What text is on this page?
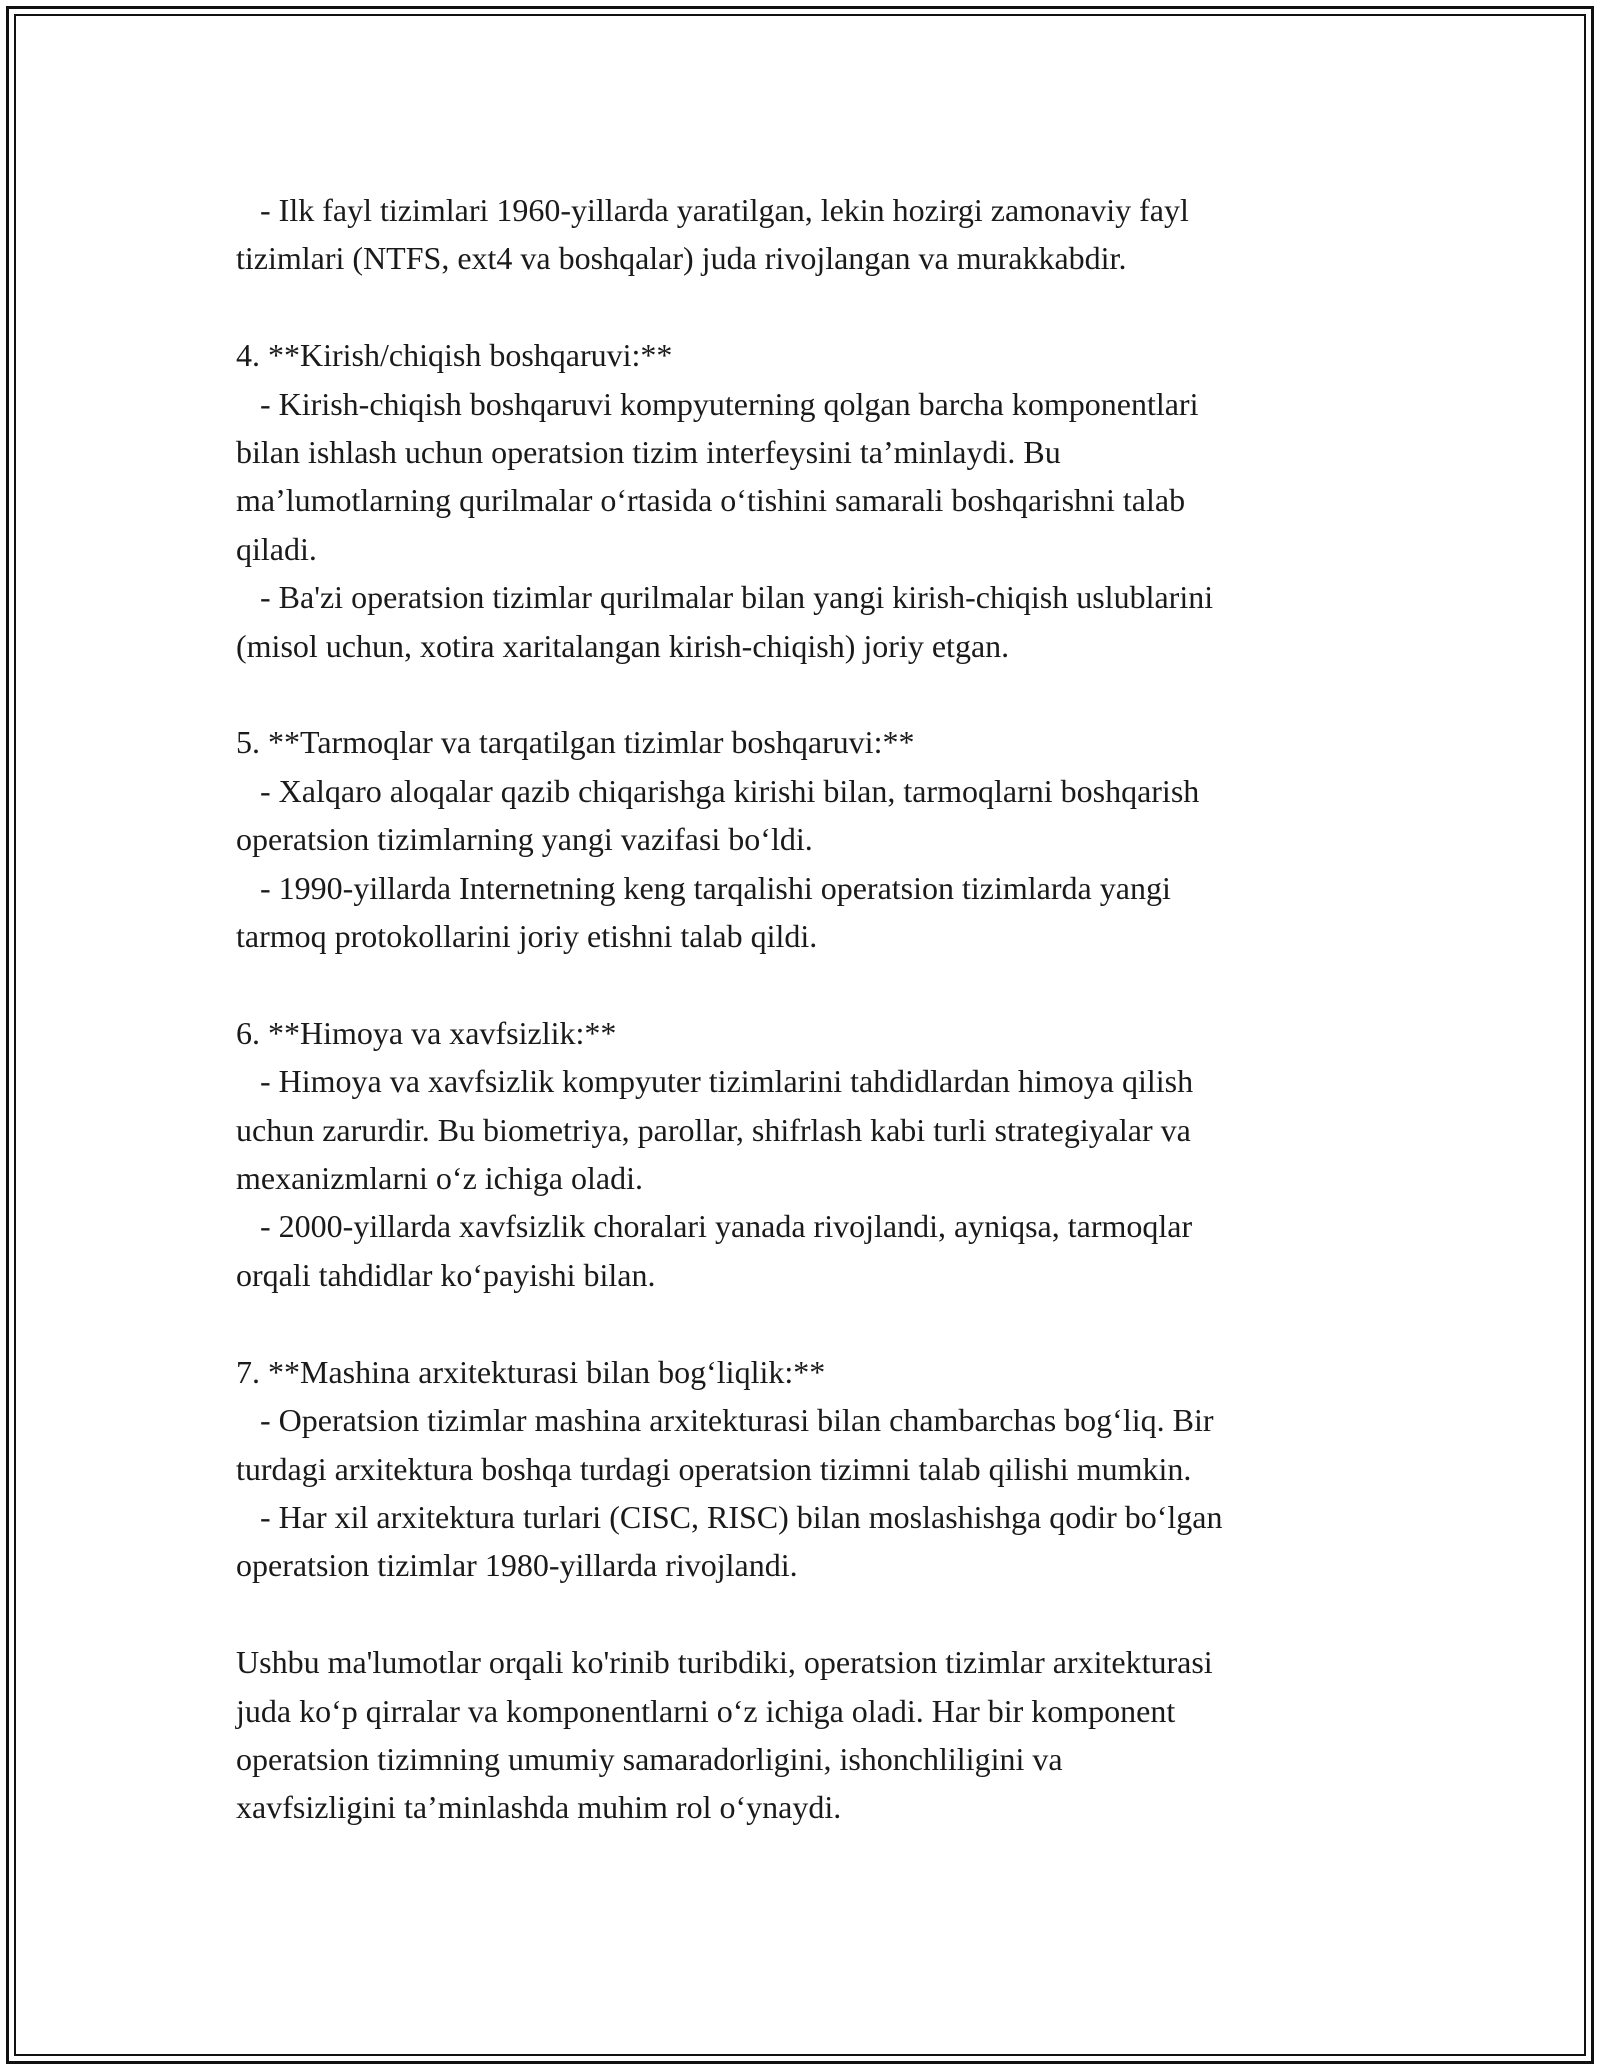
- Ilk fayl tizimlari 1960-yillarda yaratilgan, lekin hozirgi zamonaviy fayl
tizimlari (NTFS, ext4 va boshqalar) juda rivojlangan va murakkabdir.
4. **Kirish/chiqish boshqaruvi:**
- Kirish-chiqish boshqaruvi kompyuterning qolgan barcha komponentlari
bilan ishlash uchun operatsion tizim interfeysini ta’minlaydi. Bu
ma’lumotlarning qurilmalar o‘rtasida o‘tishini samarali boshqarishni talab
qiladi.
- Ba'zi operatsion tizimlar qurilmalar bilan yangi kirish-chiqish uslublarini
(misol uchun, xotira xaritalangan kirish-chiqish) joriy etgan.
5. **Tarmoqlar va tarqatilgan tizimlar boshqaruvi:**
- Xalqaro aloqalar qazib chiqarishga kirishi bilan, tarmoqlarni boshqarish
operatsion tizimlarning yangi vazifasi bo‘ldi.
- 1990-yillarda Internetning keng tarqalishi operatsion tizimlarda yangi
tarmoq protokollarini joriy etishni talab qildi.
6. **Himoya va xavfsizlik:**
- Himoya va xavfsizlik kompyuter tizimlarini tahdidlardan himoya qilish
uchun zarurdir. Bu biometriya, parollar, shifrlash kabi turli strategiyalar va
mexanizmlarni o‘z ichiga oladi.
- 2000-yillarda xavfsizlik choralari yanada rivojlandi, ayniqsa, tarmoqlar
orqali tahdidlar ko‘payishi bilan.
7. **Mashina arxitekturasi bilan bog‘liqlik:**
- Operatsion tizimlar mashina arxitekturasi bilan chambarchas bog‘liq. Bir
turdagi arxitektura boshqa turdagi operatsion tizimni talab qilishi mumkin.
- Har xil arxitektura turlari (CISC, RISC) bilan moslashishga qodir bo‘lgan
operatsion tizimlar 1980-yillarda rivojlandi.
Ushbu ma'lumotlar orqali ko'rinib turibdiki, operatsion tizimlar arxitekturasi
juda ko‘p qirralar va komponentlarni o‘z ichiga oladi. Har bir komponent
operatsion tizimning umumiy samaradorligini, ishonchliligini va
xavfsizligini ta’minlashda muhim rol o‘ynaydi.
